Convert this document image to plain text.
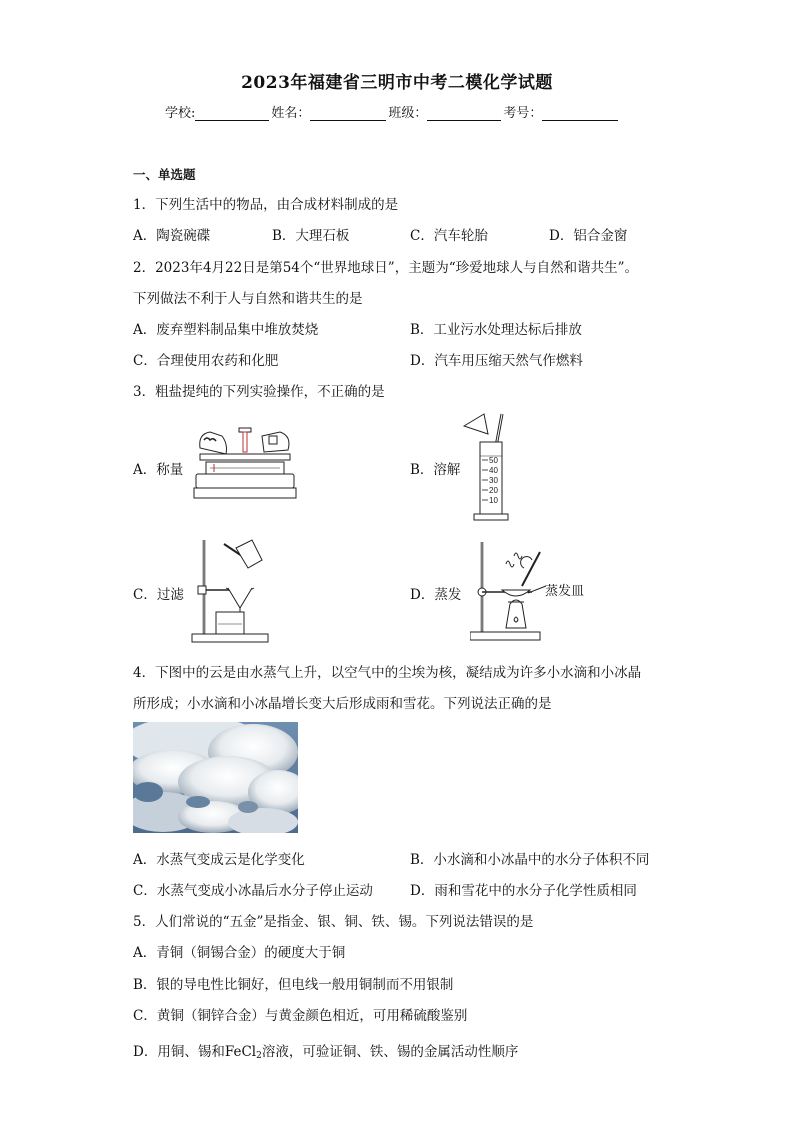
2023年福建省三明市中考二模化学试题
学校:	姓名：	班级：	考号：
一、单选题
1．下列生活中的物品，由合成材料制成的是
A．陶瓷碗碟	B．大理石板	C．汽车轮胎	D．铝合金窗
2．2023年4月22日是第54个“世界地球日”，主题为“珍爱地球人与自然和谐共生”。
下列做法不利于人与自然和谐共生的是
A．废弃塑料制品集中堆放焚烧	B．工业污水处理达标后排放
C．合理使用农药和化肥	D．汽车用压缩天然气作燃料
3．粗盐提纯的下列实验操作，不正确的是
A．称量	B．溶解
C．过滤	D．蒸发
50
40
30
20
10
蒸发皿
4．下图中的云是由水蒸气上升，以空气中的尘埃为核，凝结成为许多小水滴和小冰晶
所形成；小水滴和小冰晶增长变大后形成雨和雪花。下列说法正确的是
A．水蒸气变成云是化学变化	B．小水滴和小冰晶中的水分子体积不同
C．水蒸气变成小冰晶后水分子停止运动	D．雨和雪花中的水分子化学性质相同
5．人们常说的“五金”是指金、银、铜、铁、锡。下列说法错误的是
A．青铜（铜锡合金）的硬度大于铜
B．银的导电性比铜好，但电线一般用铜制而不用银制
C．黄铜（铜锌合金）与黄金颜色相近，可用稀硫酸鉴别
D．用铜、锡和FeCl$_2$溶液，可验证铜、铁、锡的金属活动性顺序
